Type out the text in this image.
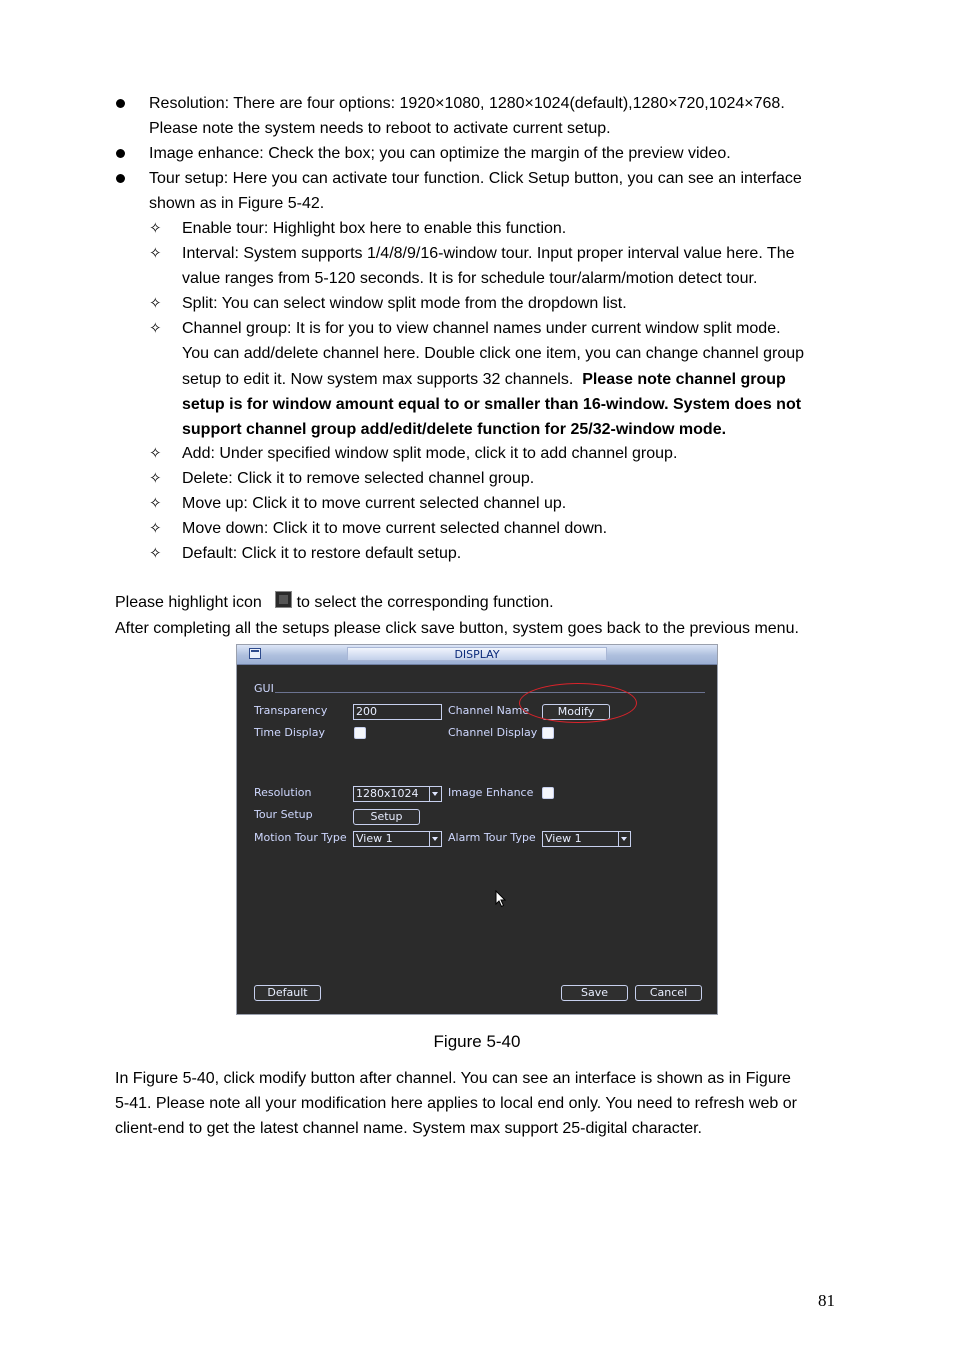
Resolution: There are four options: 1920×1080, 1280×1024(default),1280×720,1024×768.
Please note the system needs to reboot to activate current setup.
Image enhance: Check the box; you can optimize the margin of the preview video.
Tour setup: Here you can activate tour function. Click Setup button, you can see an interface
shown as in Figure 5-42.
✧ Enable tour: Highlight box here to enable this function.
✧ Interval: System supports 1/4/8/9/16-window tour. Input proper interval value here. The
value ranges from 5-120 seconds. It is for schedule tour/alarm/motion detect tour.
✧ Split: You can select window split mode from the dropdown list.
✧ Channel group: It is for you to view channel names under current window split mode.
You can add/delete channel here. Double click one item, you can change channel group
setup to edit it. Now system max supports 32 channels. Please note channel group
setup is for window amount equal to or smaller than 16-window. System does not
support channel group add/edit/delete function for 25/32-window mode.
✧ Add: Under specified window split mode, click it to add channel group.
✧ Delete: Click it to remove selected channel group.
✧ Move up: Click it to move current selected channel up.
✧ Move down: Click it to move current selected channel down.
✧ Default: Click it to restore default setup.
Please highlight icon to select the corresponding function.
After completing all the setups please click save button, system goes back to the previous menu.
DISPLAY
GUI
Transparency	200	Channel Name	Modify
Time Display	Channel Display
Resolution	1280x1024	Image Enhance
Tour Setup	Setup
Motion Tour Type View 1	Alarm Tour Type View 1
Default	Save	Cancel
Figure 5-40
In Figure 5-40, click modify button after channel. You can see an interface is shown as in Figure
5-41. Please note all your modification here applies to local end only. You need to refresh web or
client-end to get the latest channel name. System max support 25-digital character.
81
